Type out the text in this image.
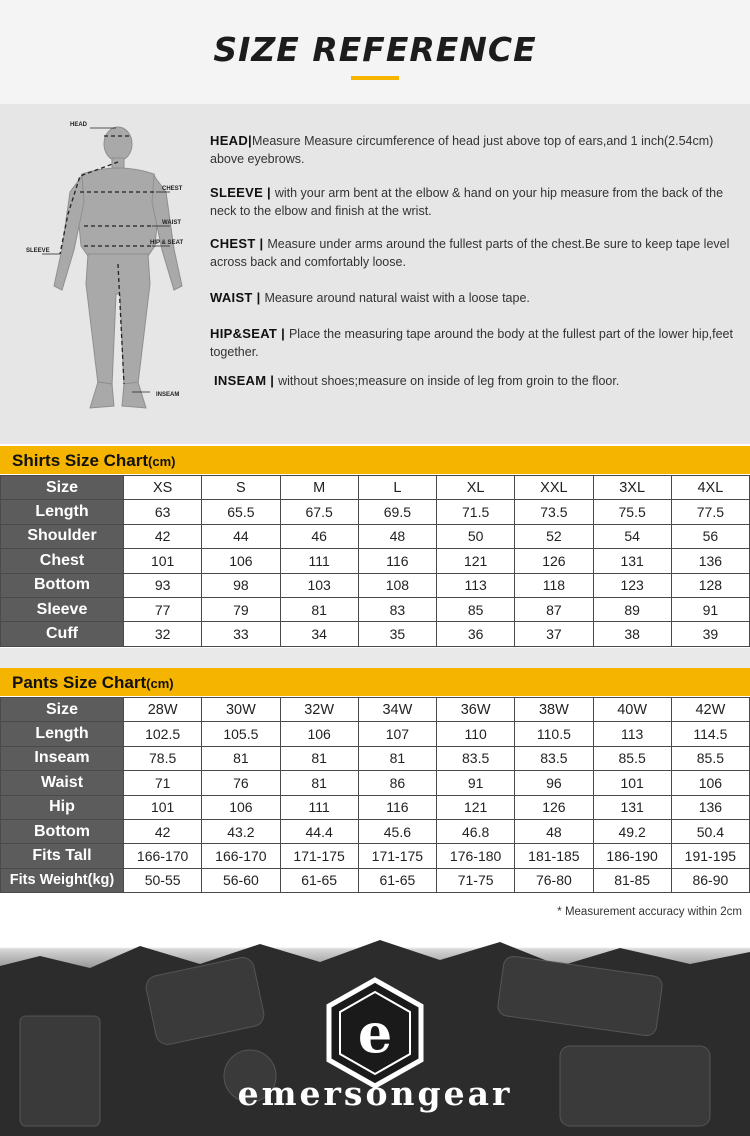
SIZE REFERENCE
HEAD
CHEST
WAIST
HIP & SEAT
SLEEVE
INSEAM

HEAD|Measure Measure circumference of head just above top of ears,and 1 inch(2.54cm) above eyebrows.

SLEEVE | with your arm bent at the elbow & hand on your hip measure from the back of the neck to the elbow and finish at the wrist.

CHEST | Measure under arms around the fullest parts of the chest.Be sure to keep tape level across back and comfortably loose.

WAIST | Measure around natural waist with a loose tape.

HIP&SEAT | Place the measuring tape around the body at the fullest part of the lower hip,feet together.

INSEAM | without shoes;measure on inside of leg from groin to the floor.

Shirts Size Chart(cm)
Size	XS	S	M	L	XL	XXL	3XL	4XL
Length	63	65.5	67.5	69.5	71.5	73.5	75.5	77.5
Shoulder	42	44	46	48	50	52	54	56
Chest	101	106	111	116	121	126	131	136
Bottom	93	98	103	108	113	118	123	128
Sleeve	77	79	81	83	85	87	89	91
Cuff	32	33	34	35	36	37	38	39
Pants Size Chart(cm)
Size	28W	30W	32W	34W	36W	38W	40W	42W
Length	102.5	105.5	106	107	110	110.5	113	114.5
Inseam	78.5	81	81	81	83.5	83.5	85.5	85.5
Waist	71	76	81	86	91	96	101	106
Hip	101	106	111	116	121	126	131	136
Bottom	42	43.2	44.4	45.6	46.8	48	49.2	50.4
Fits Tall	166-170	166-170	171-175	171-175	176-180	181-185	186-190	191-195
Fits Weight(kg)	50-55	56-60	61-65	61-65	71-75	76-80	81-85	86-90
* Measurement accuracy within 2cm
e
emersongear
